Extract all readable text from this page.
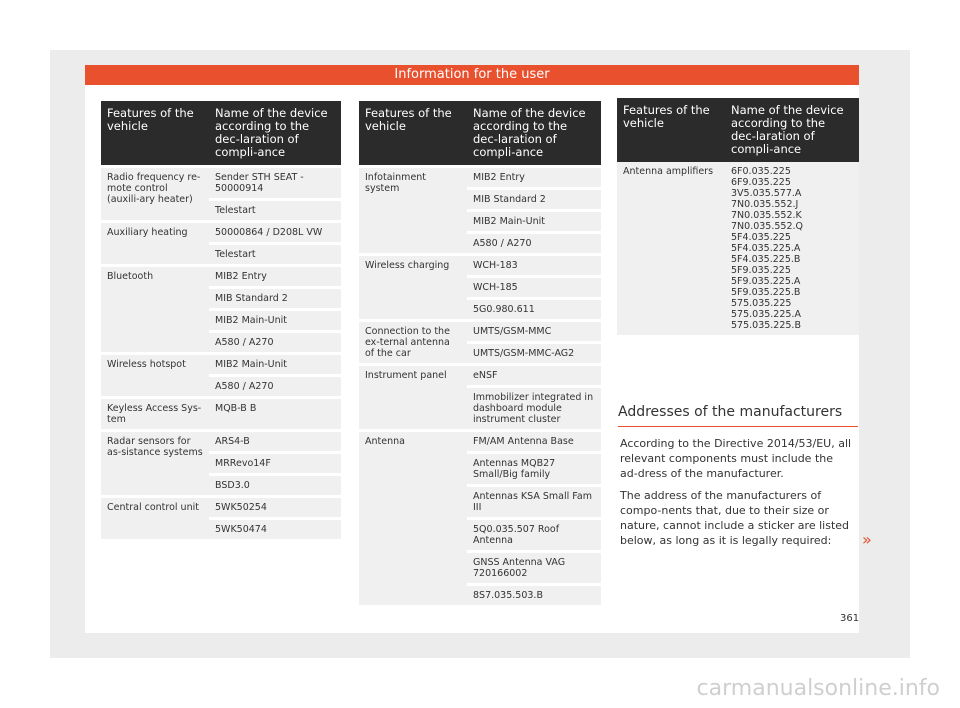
Information for the user
Features of the vehicle	Name of the device according to the dec-laration of compli-ance
Radio frequency re-mote control (auxili-ary heater)	Sender STH SEAT - 50000914
	Telestart
Auxiliary heating	50000864 / D208L VW
	Telestart
Bluetooth	MIB2 Entry
	MIB Standard 2
	MIB2 Main-Unit
	A580 / A270
Wireless hotspot	MIB2 Main-Unit
	A580 / A270
Keyless Access Sys-tem	MQB-B B
Radar sensors for as-sistance systems	ARS4-B
	MRRevo14F
	BSD3.0
Central control unit	5WK50254
	5WK50474
Features of the vehicle	Name of the device according to the dec-laration of compli-ance
Infotainment system	MIB2 Entry
	MIB Standard 2
	MIB2 Main-Unit
	A580 / A270
Wireless charging	WCH-183
	WCH-185
	5G0.980.611
Connection to the ex-ternal antenna of the car	UMTS/GSM-MMC
	UMTS/GSM-MMC-AG2
Instrument panel	eNSF
	Immobilizer integrated in dashboard module instrument cluster
Antenna	FM/AM Antenna Base
	Antennas MQB27 Small/Big family
	Antennas KSA Small Fam III
	5Q0.035.507 Roof Antenna
	GNSS Antenna VAG 720166002
	8S7.035.503.B
Features of the vehicle	Name of the device according to the dec-laration of compli-ance
Antenna amplifiers	6F0.035.225
	6F9.035.225
	3V5.035.577.A
	7N0.035.552.J
	7N0.035.552.K
	7N0.035.552.Q
	5F4.035.225
	5F4.035.225.A
	5F4.035.225.B
	5F9.035.225
	5F9.035.225.A
	5F9.035.225.B
	575.035.225
	575.035.225.A
	575.035.225.B
Addresses of the manufacturers
According to the Directive 2014/53/EU, all relevant components must include the ad-dress of the manufacturer.
The address of the manufacturers of compo-nents that, due to their size or nature, cannot include a sticker are listed below, as long as it is legally required:	»
361
carmanualsonline.info
